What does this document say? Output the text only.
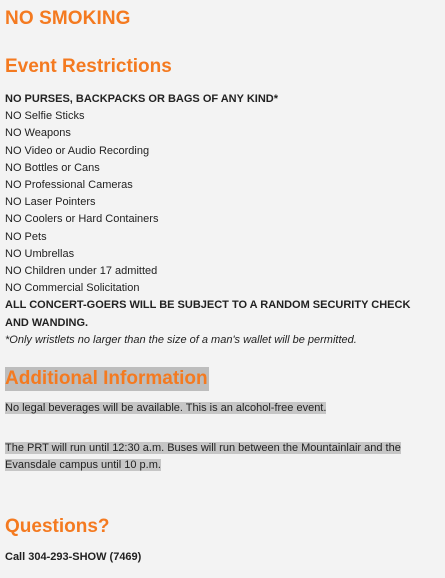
NO SMOKING
Event Restrictions
NO PURSES, BACKPACKS OR BAGS OF ANY KIND*
NO Selfie Sticks
NO Weapons
NO Video or Audio Recording
NO Bottles or Cans
NO Professional Cameras
NO Laser Pointers
NO Coolers or Hard Containers
NO Pets
NO Umbrellas
NO Children under 17 admitted
NO Commercial Solicitation
ALL CONCERT-GOERS WILL BE SUBJECT TO A RANDOM SECURITY CHECK AND WANDING.
*Only wristlets no larger than the size of a man's wallet will be permitted.
Additional Information
No legal beverages will be available. This is an alcohol-free event.
The PRT will run until 12:30 a.m. Buses will run between the Mountainlair and the Evansdale campus until 10 p.m.
Questions?
Call 304-293-SHOW (7469)
